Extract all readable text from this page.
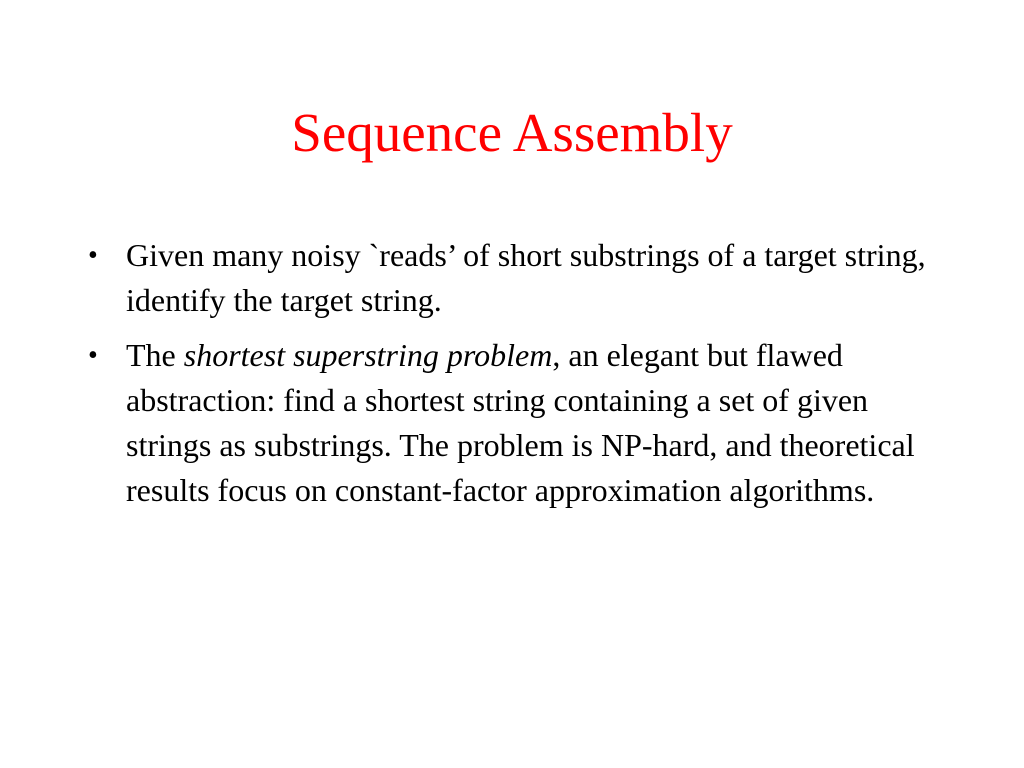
Sequence Assembly
• Given many noisy `reads’ of short substrings of a target string, identify the target string.
• The shortest superstring problem, an elegant but flawed abstraction: find a shortest string containing a set of given strings as substrings. The problem is NP-hard, and theoretical results focus on constant-factor approximation algorithms.
